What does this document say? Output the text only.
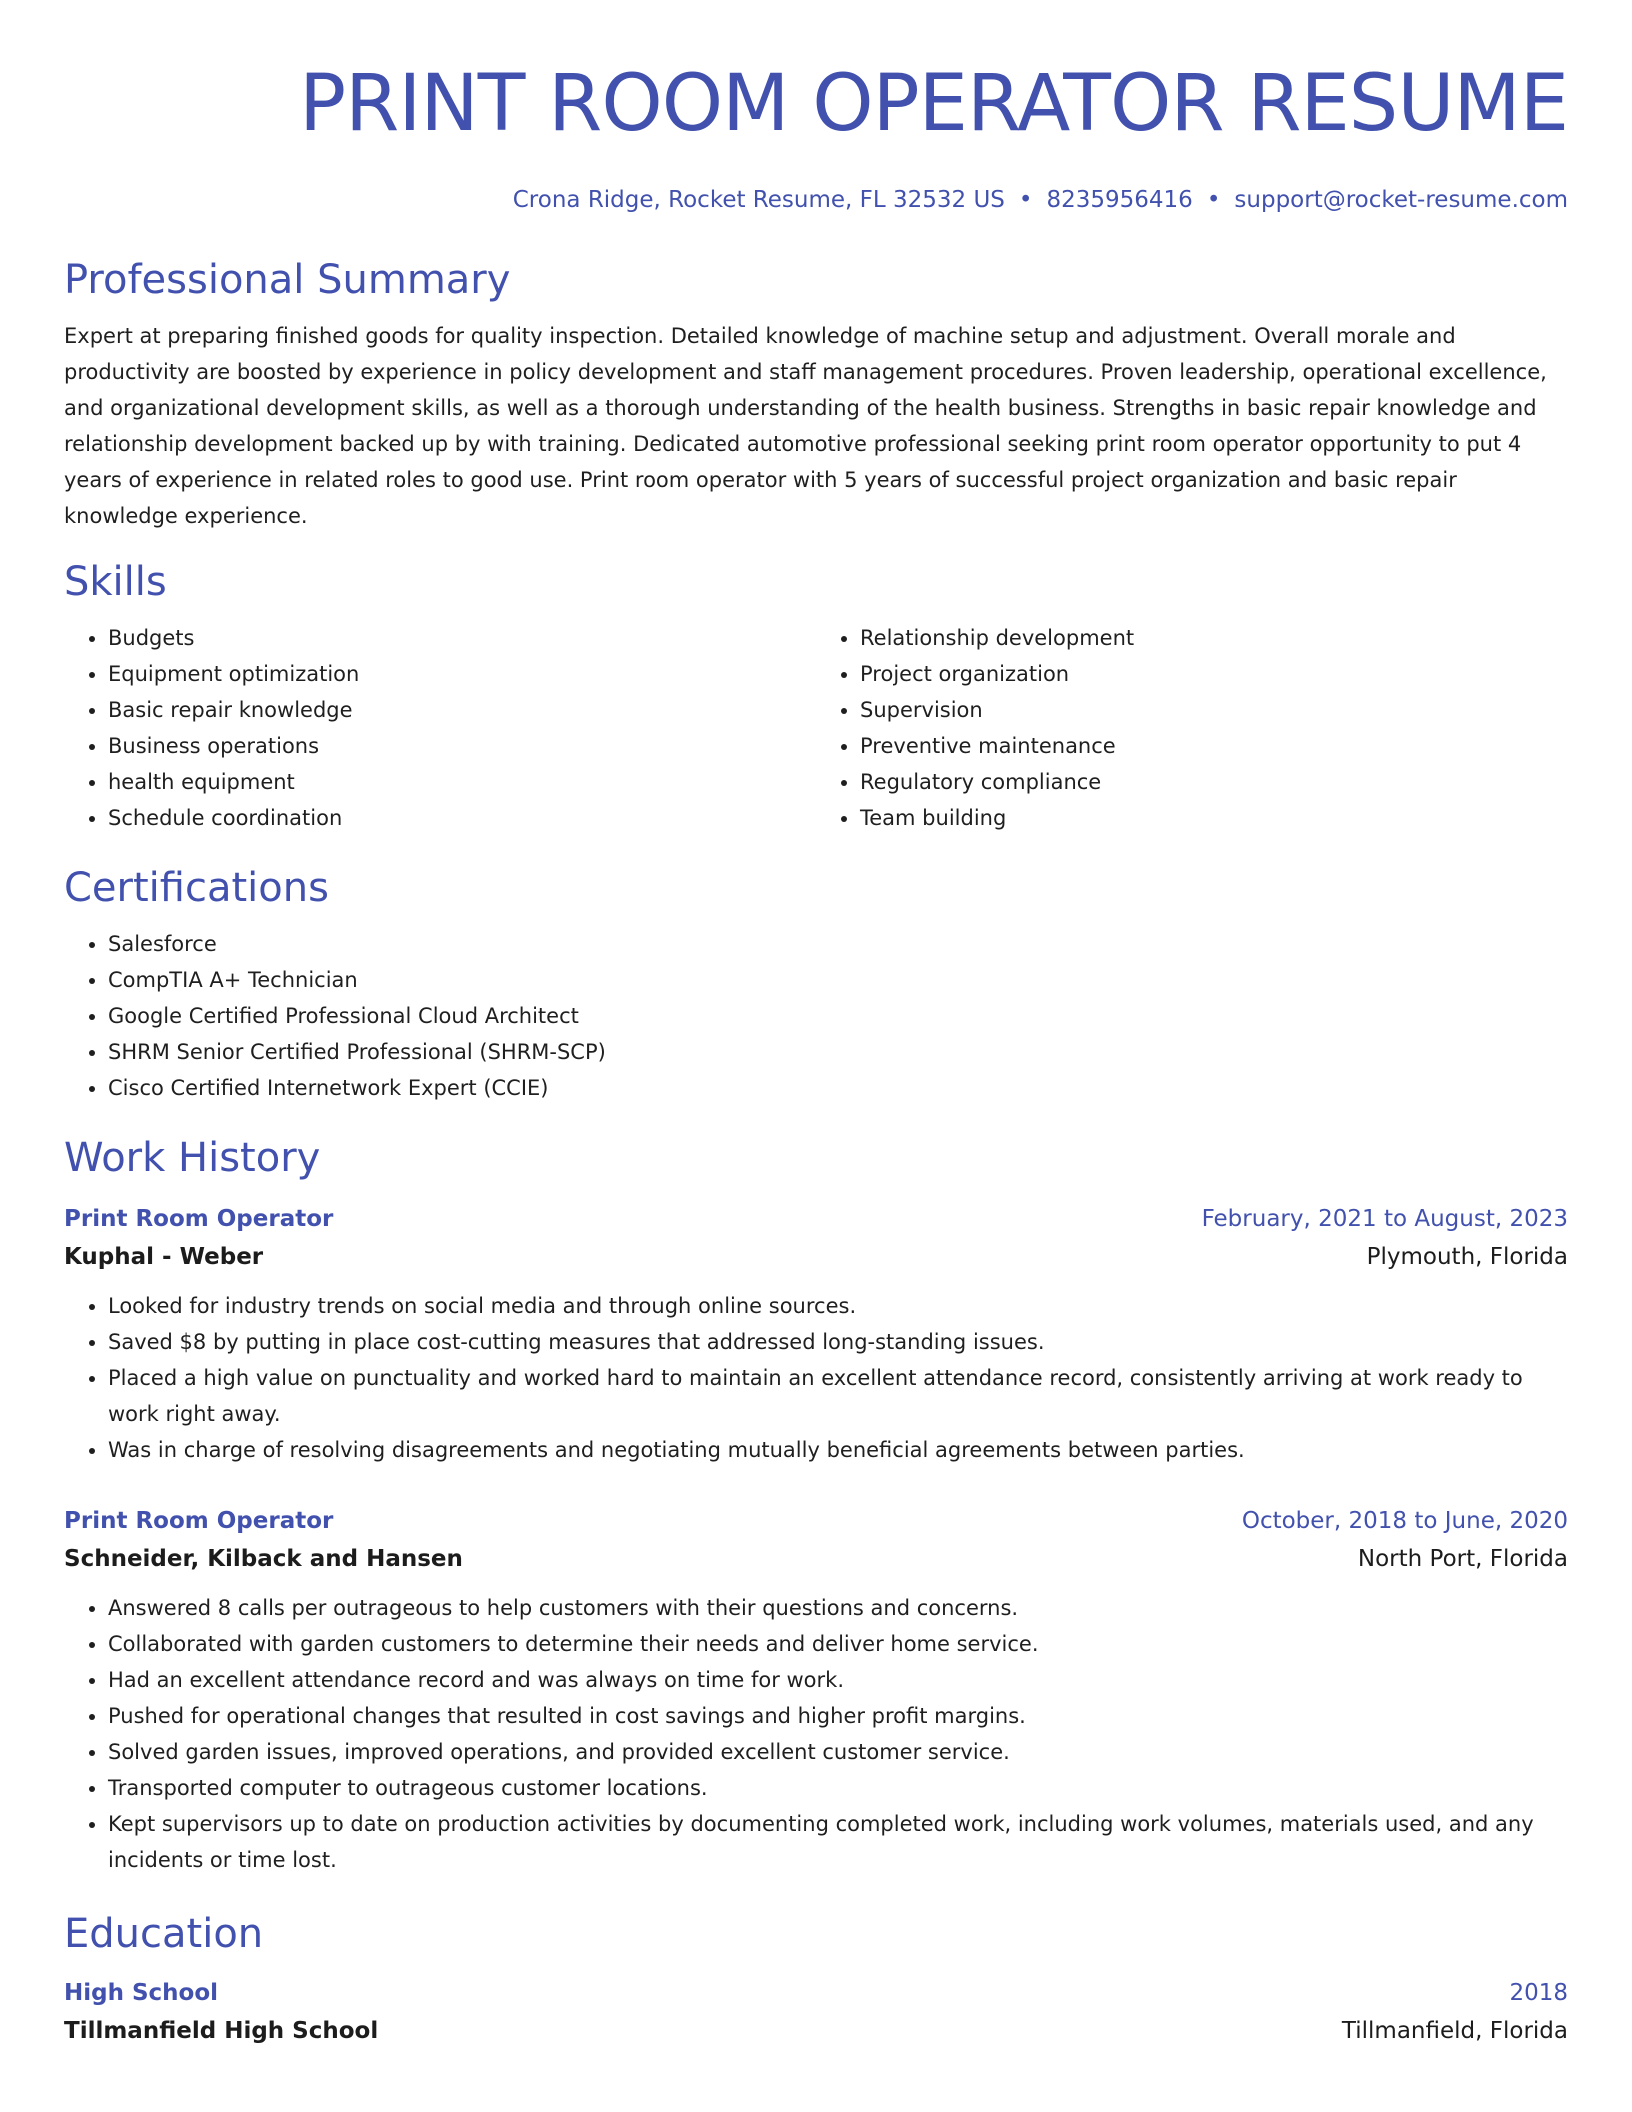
PRINT ROOM OPERATOR RESUME
Crona Ridge, Rocket Resume, FL 32532 US • 8235956416 • support@rocket-resume.com
Professional Summary
Expert at preparing finished goods for quality inspection. Detailed knowledge of machine setup and adjustment. Overall morale and productivity are boosted by experience in policy development and staff management procedures. Proven leadership, operational excellence, and organizational development skills, as well as a thorough understanding of the health business. Strengths in basic repair knowledge and relationship development backed up by with training. Dedicated automotive professional seeking print room operator opportunity to put 4 years of experience in related roles to good use. Print room operator with 5 years of successful project organization and basic repair knowledge experience.
Skills
• Budgets
• Equipment optimization
• Basic repair knowledge
• Business operations
• health equipment
• Schedule coordination
• Relationship development
• Project organization
• Supervision
• Preventive maintenance
• Regulatory compliance
• Team building
Certifications
• Salesforce
• CompTIA A+ Technician
• Google Certified Professional Cloud Architect
• SHRM Senior Certified Professional (SHRM-SCP)
• Cisco Certified Internetwork Expert (CCIE)
Work History
Print Room Operator	February, 2021 to August, 2023
Kuphal - Weber	Plymouth, Florida
• Looked for industry trends on social media and through online sources.
• Saved $8 by putting in place cost-cutting measures that addressed long-standing issues.
• Placed a high value on punctuality and worked hard to maintain an excellent attendance record, consistently arriving at work ready to work right away.
• Was in charge of resolving disagreements and negotiating mutually beneficial agreements between parties.
Print Room Operator	October, 2018 to June, 2020
Schneider, Kilback and Hansen	North Port, Florida
• Answered 8 calls per outrageous to help customers with their questions and concerns.
• Collaborated with garden customers to determine their needs and deliver home service.
• Had an excellent attendance record and was always on time for work.
• Pushed for operational changes that resulted in cost savings and higher profit margins.
• Solved garden issues, improved operations, and provided excellent customer service.
• Transported computer to outrageous customer locations.
• Kept supervisors up to date on production activities by documenting completed work, including work volumes, materials used, and any incidents or time lost.
Education
High School	2018
Tillmanfield High School	Tillmanfield, Florida
